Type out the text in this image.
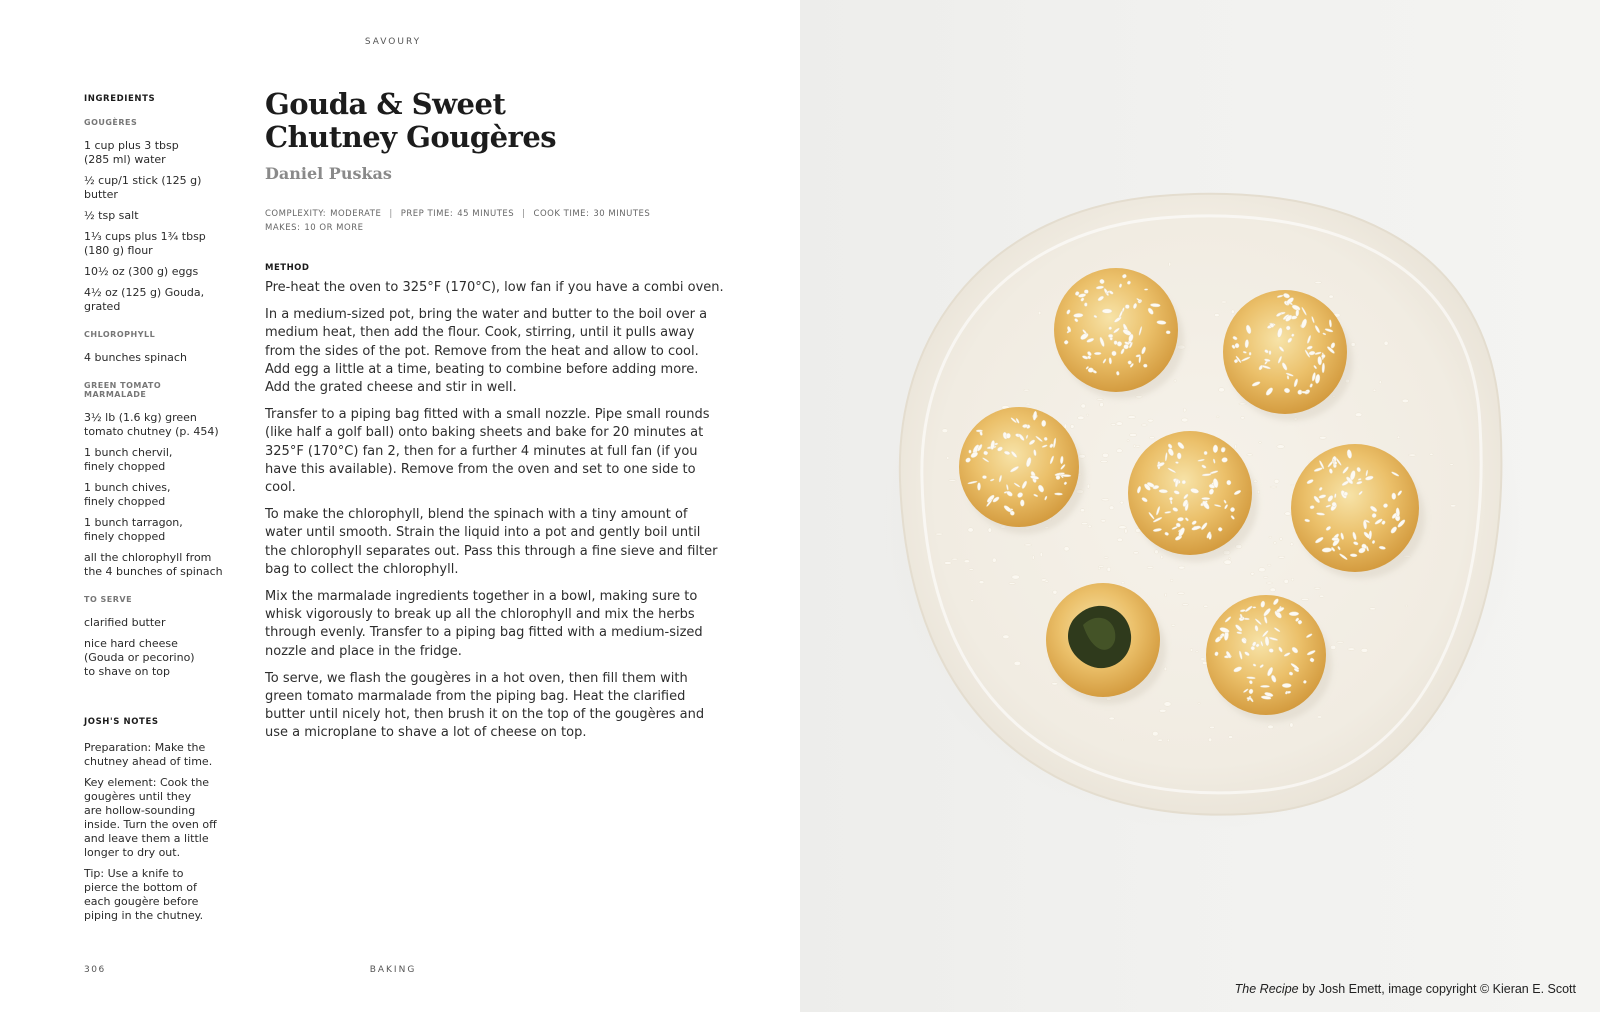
SAVOURY
INGREDIENTS
GOUGÈRES
1 cup plus 3 tbsp
(285 ml) water
½ cup/1 stick (125 g)
butter
½ tsp salt
1⅓ cups plus 1¾ tbsp
(180 g) flour
10½ oz (300 g) eggs
4½ oz (125 g) Gouda,
grated
CHLOROPHYLL
4 bunches spinach
GREEN TOMATO MARMALADE
3½ lb (1.6 kg) green
tomato chutney (p. 454)
1 bunch chervil,
finely chopped
1 bunch chives,
finely chopped
1 bunch tarragon,
finely chopped
all the chlorophyll from
the 4 bunches of spinach
TO SERVE
clarified butter
nice hard cheese
(Gouda or pecorino)
to shave on top
JOSH'S NOTES
Preparation: Make the
chutney ahead of time.
Key element: Cook the
gougères until they
are hollow-sounding
inside. Turn the oven off
and leave them a little
longer to dry out.
Tip: Use a knife to
pierce the bottom of
each gougère before
piping in the chutney.
Gouda & Sweet
Chutney Gougères
Daniel Puskas
COMPLEXITY: MODERATE | PREP TIME: 45 MINUTES | COOK TIME: 30 MINUTES
MAKES: 10 OR MORE
METHOD

Pre-heat the oven to 325°F (170°C), low fan if you have a combi oven.

In a medium-sized pot, bring the water and butter to the boil over a medium heat, then add the flour. Cook, stirring, until it pulls away from the sides of the pot. Remove from the heat and allow to cool. Add egg a little at a time, beating to combine before adding more. Add the grated cheese and stir in well.

Transfer to a piping bag fitted with a small nozzle. Pipe small rounds (like half a golf ball) onto baking sheets and bake for 20 minutes at 325°F (170°C) fan 2, then for a further 4 minutes at full fan (if you have this available). Remove from the oven and set to one side to cool.

To make the chlorophyll, blend the spinach with a tiny amount of water until smooth. Strain the liquid into a pot and gently boil until the chlorophyll separates out. Pass this through a fine sieve and filter bag to collect the chlorophyll.

Mix the marmalade ingredients together in a bowl, making sure to whisk vigorously to break up all the chlorophyll and mix the herbs through evenly. Transfer to a piping bag fitted with a medium-sized nozzle and place in the fridge.

To serve, we flash the gougères in a hot oven, then fill them with green tomato marmalade from the piping bag. Heat the clarified butter until nicely hot, then brush it on the top of the gougères and use a microplane to shave a lot of cheese on top.

306	BAKING
The Recipe by Josh Emett, image copyright © Kieran E. Scott
